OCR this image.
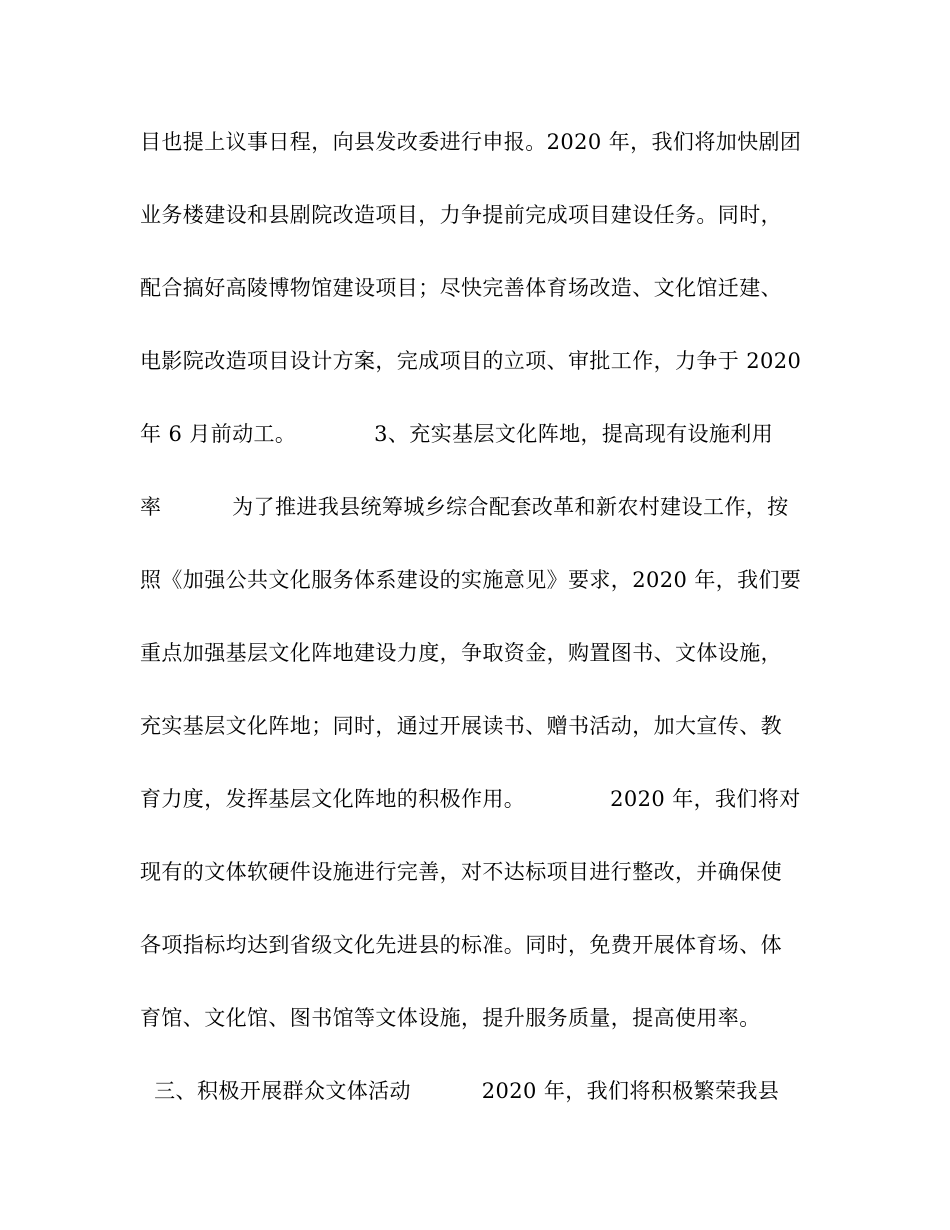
目也提上议事日程，向县发改委进行申报。2020 年，我们将加快剧团
业务楼建设和县剧院改造项目，力争提前完成项目建设任务。同时，
配合搞好高陵博物馆建设项目；尽快完善体育场改造、文化馆迁建、
电影院改造项目设计方案，完成项目的立项、审批工作，力争于 2020
年 6 月前动工。           3、充实基层文化阵地，提高现有设施利用
率          为了推进我县统筹城乡综合配套改革和新农村建设工作，按
照《加强公共文化服务体系建设的实施意见》要求，2020 年，我们要
重点加强基层文化阵地建设力度，争取资金，购置图书、文体设施，
充实基层文化阵地；同时，通过开展读书、赠书活动，加大宣传、教
育力度，发挥基层文化阵地的积极作用。            2020 年，我们将对
现有的文体软硬件设施进行完善，对不达标项目进行整改，并确保使
各项指标均达到省级文化先进县的标准。同时，免费开展体育场、体
育馆、文化馆、图书馆等文体设施，提升服务质量，提高使用率。
三、积极开展群众文体活动          2020 年，我们将积极繁荣我县
